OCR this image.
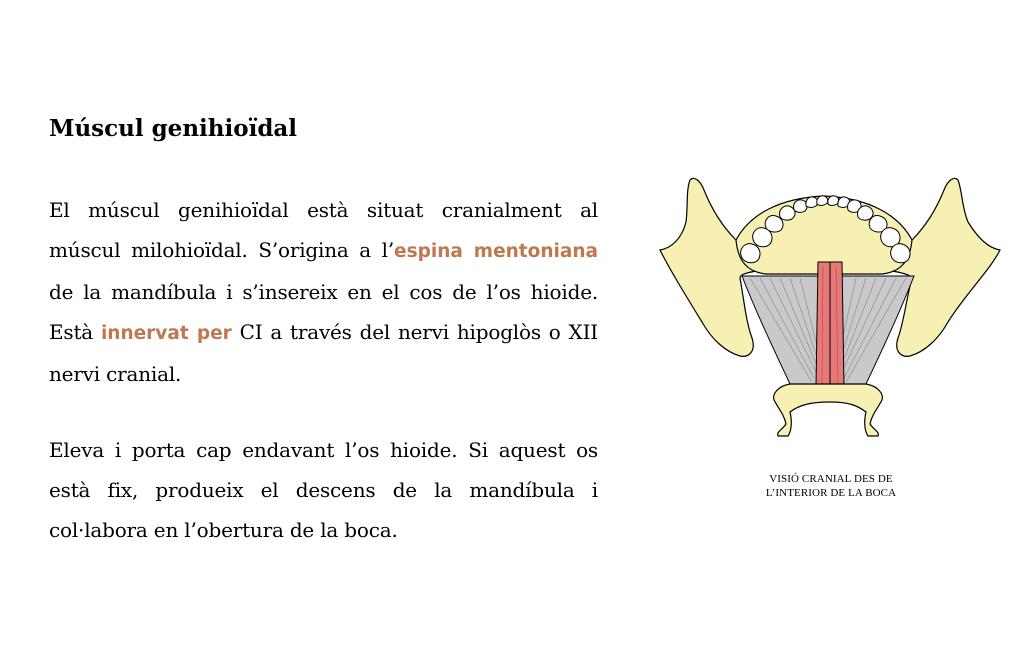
Múscul genihioïdal

El múscul genihioïdal està situat cranialment al múscul milohioïdal. S’origina a l’espina mentoniana de la mandíbula i s’insereix en el cos de l’os hioide. Està innervat per CI a través del nervi hipoglòs o XII nervi cranial.

Eleva i porta cap endavant l’os hioide. Si aquest os està fix, produeix el descens de la mandíbula i col·labora en l’obertura de la boca.

VISIÓ CRANIAL DES DE
L’INTERIOR DE LA BOCA
